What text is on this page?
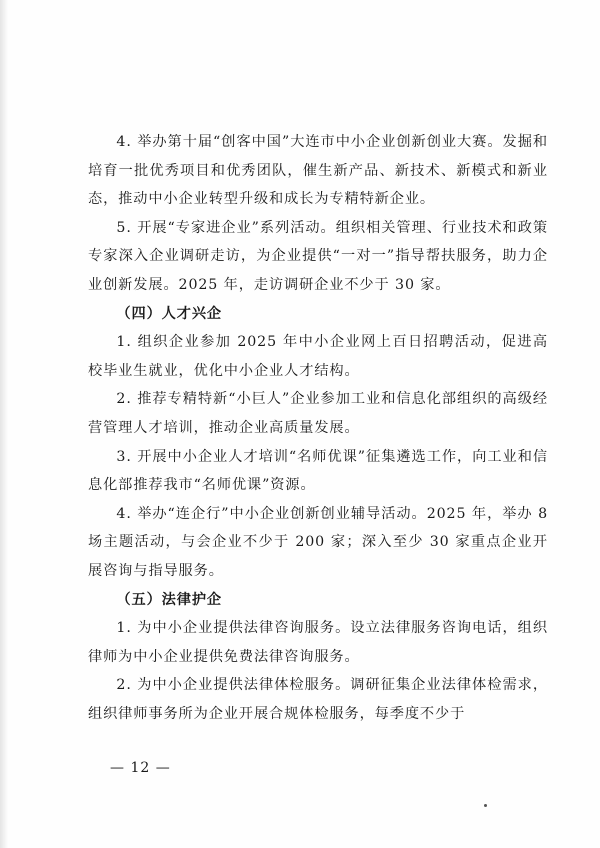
4. 举办第十届“创客中国”大连市中小企业创新创业大赛。发掘和培育一批优秀项目和优秀团队，催生新产品、新技术、新模式和新业态，推动中小企业转型升级和成长为专精特新企业。

5. 开展“专家进企业”系列活动。组织相关管理、行业技术和政策专家深入企业调研走访，为企业提供“一对一”指导帮扶服务，助力企业创新发展。2025 年，走访调研企业不少于 30 家。

（四）人才兴企

1. 组织企业参加 2025 年中小企业网上百日招聘活动，促进高校毕业生就业，优化中小企业人才结构。

2. 推荐专精特新“小巨人”企业参加工业和信息化部组织的高级经营管理人才培训，推动企业高质量发展。

3. 开展中小企业人才培训“名师优课”征集遴选工作，向工业和信息化部推荐我市“名师优课”资源。

4. 举办“连企行”中小企业创新创业辅导活动。2025 年，举办 8 场主题活动，与会企业不少于 200 家；深入至少 30 家重点企业开展咨询与指导服务。

（五）法律护企

1. 为中小企业提供法律咨询服务。设立法律服务咨询电话，组织律师为中小企业提供免费法律咨询服务。

2. 为中小企业提供法律体检服务。调研征集企业法律体检需求，组织律师事务所为企业开展合规体检服务，每季度不少于

— 12 —
